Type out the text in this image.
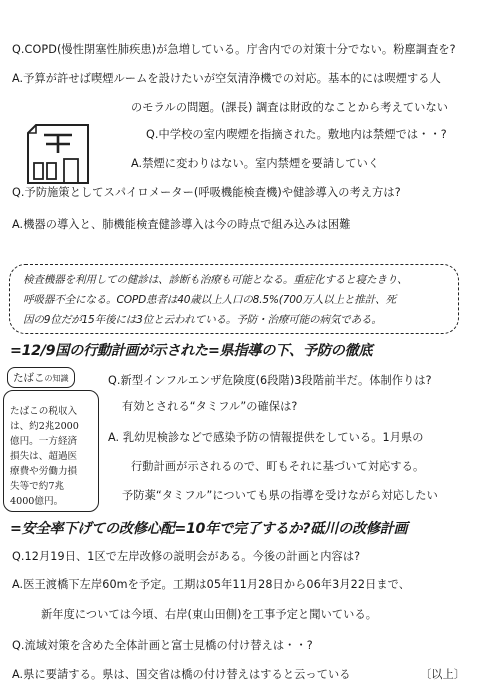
Q.COPD(慢性閉塞性肺疾患)が急増している。庁舎内での対策十分でない。粉塵調査を?
A.予算が許せば喫煙ルームを設けたいが空気清浄機での対応。基本的には喫煙する人
のモラルの問題。(課長) 調査は財政的なことから考えていない
Q.中学校の室内喫煙を指摘された。敷地内は禁煙では・・?
A.禁煙に変わりはない。室内禁煙を要請していく
Q.予防施策としてスパイロメーター(呼吸機能検査機)や健診導入の考え方は?
A.機器の導入と、肺機能検査健診導入は今の時点で組み込みは困難
検査機器を利用しての健診は、診断も治療も可能となる。重症化すると寝たきり、
呼吸器不全になる。COPD患者は40歳以上人口の8.5%(700万人以上と推計、死
因の9位だが15年後には3位と云われている。予防・治療可能の病気である。
=12/9国の行動計画が示された=県指導の下、予防の徹底
たばこの知識
たばこの税収入
は、約2兆2000
億円。一方経済
損失は、超過医
療費や労働力損
失等で約7兆
4000億円。
Q.新型インフルエンザ危険度(6段階)3段階前半だ。体制作りは?
有効とされる“タミフル”の確保は?
A. 乳幼児検診などで感染予防の情報提供をしている。1月県の
行動計画が示されるので、町もそれに基づいて対応する。
予防薬“タミフル”についても県の指導を受けながら対応したい
=安全率下げての改修心配=10年で完了するか?砥川の改修計画
Q.12月19日、1区で左岸改修の説明会がある。今後の計画と内容は?
A.医王渡橋下左岸60mを予定。工期は05年11月28日から06年3月22日まで、
新年度については今頃、右岸(東山田側)を工事予定と聞いている。
Q.流域対策を含めた全体計画と富士見橋の付け替えは・・?
A.県に要請する。県は、国交省は橋の付け替えはすると云っている	〔以上〕
